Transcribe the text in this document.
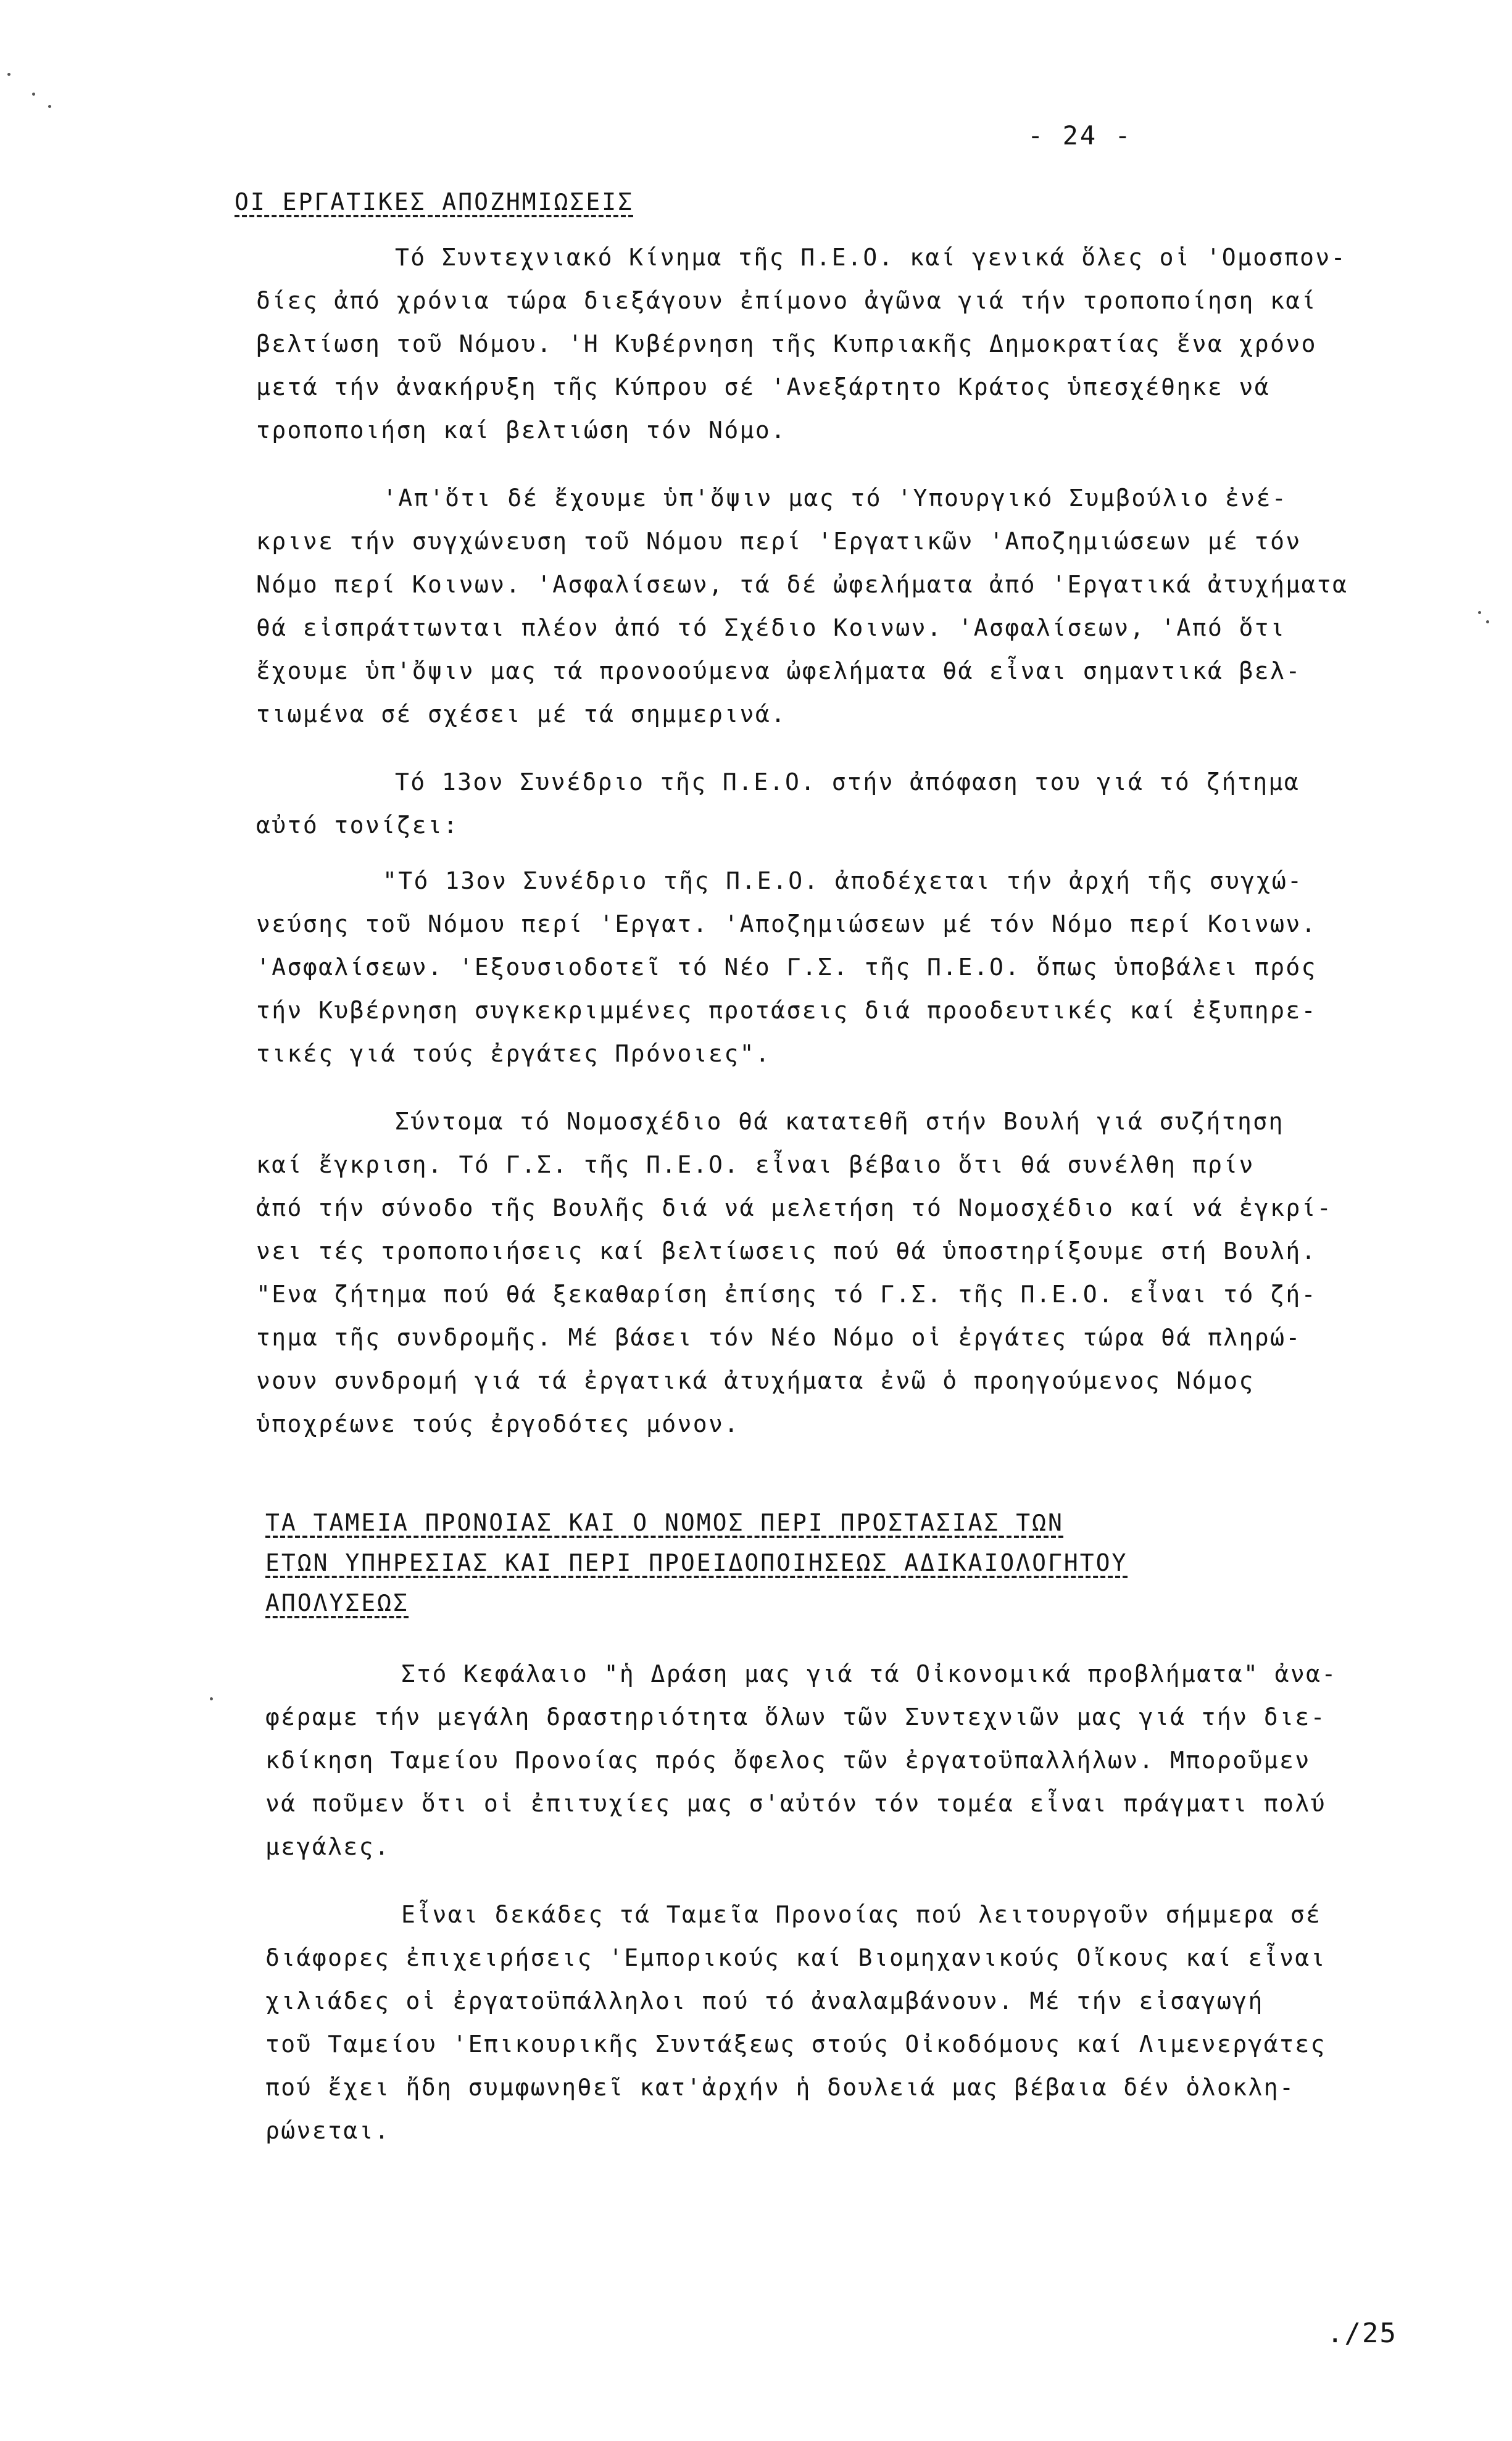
- 24 -
ΟΙ ΕΡΓΑΤΙΚΕΣ ΑΠΟΖΗΜΙΩΣΕΙΣ
Τό Συντεχνιακό Κίνημα τῆς Π.Ε.Ο. καί γενικά ὅλες οἱ 'Ομοσπον-
δίες ἀπό χρόνια τώρα διεξάγουν ἐπίμονο ἀγῶνα γιά τήν τροποποίηση καί
βελτίωση τοῦ Νόμου. 'Η Κυβέρνηση τῆς Κυπριακῆς Δημοκρατίας ἕνα χρόνο
μετά τήν ἀνακήρυξη τῆς Κύπρου σέ 'Ανεξάρτητο Κράτος ὑπεσχέθηκε νά
τροποποιήση καί βελτιώση τόν Νόμο.
'Απ'ὅτι δέ ἔχουμε ὑπ'ὄψιν μας τό 'Υπουργικό Συμβούλιο ἐνέ-
κρινε τήν συγχώνευση τοῦ Νόμου περί 'Εργατικῶν 'Αποζημιώσεων μέ τόν
Νόμο περί Κοινων. 'Ασφαλίσεων, τά δέ ὠφελήματα ἀπό 'Εργατικά ἀτυχήματα
θά εἰσπράττωνται πλέον ἀπό τό Σχέδιο Κοινων. 'Ασφαλίσεων, 'Από ὅτι
ἔχουμε ὑπ'ὄψιν μας τά προνοούμενα ὠφελήματα θά εἶναι σημαντικά βελ-
τιωμένα σέ σχέσει μέ τά σημμερινά.
Τό 13ον Συνέδριο τῆς Π.Ε.Ο. στήν ἀπόφαση του γιά τό ζήτημα
αὐτό τονίζει:
"Τό 13ον Συνέδριο τῆς Π.Ε.Ο. ἀποδέχεται τήν ἀρχή τῆς συγχώ-
νεύσης τοῦ Νόμου περί 'Εργατ. 'Αποζημιώσεων μέ τόν Νόμο περί Κοινων.
'Ασφαλίσεων. 'Εξουσιοδοτεῖ τό Νέο Γ.Σ. τῆς Π.Ε.Ο. ὅπως ὑποβάλει πρός
τήν Κυβέρνηση συγκεκριμμένες προτάσεις διά προοδευτικές καί ἐξυπηρε-
τικές γιά τούς ἐργάτες Πρόνοιες".
Σύντομα τό Νομοσχέδιο θά κατατεθῆ στήν Βουλή γιά συζήτηση
καί ἔγκριση. Τό Γ.Σ. τῆς Π.Ε.Ο. εἶναι βέβαιο ὅτι θά συνέλθη πρίν
ἀπό τήν σύνοδο τῆς Βουλῆς διά νά μελετήση τό Νομοσχέδιο καί νά ἐγκρί-
νει τές τροποποιήσεις καί βελτίωσεις πού θά ὑποστηρίξουμε στή Βουλή.
"Ενα ζήτημα πού θά ξεκαθαρίση ἐπίσης τό Γ.Σ. τῆς Π.Ε.Ο. εἶναι τό ζή-
τημα τῆς συνδρομῆς. Μέ βάσει τόν Νέο Νόμο οἱ ἐργάτες τώρα θά πληρώ-
νουν συνδρομή γιά τά ἐργατικά ἀτυχήματα ἐνῶ ὁ προηγούμενος Νόμος
ὑποχρέωνε τούς ἐργοδότες μόνον.
ΤΑ ΤΑΜΕΙΑ ΠΡΟΝΟΙΑΣ ΚΑΙ Ο ΝΟΜΟΣ ΠΕΡΙ ΠΡΟΣΤΑΣΙΑΣ ΤΩΝ
ΕΤΩΝ ΥΠΗΡΕΣΙΑΣ ΚΑΙ ΠΕΡΙ ΠΡΟΕΙΔΟΠΟΙΗΣΕΩΣ ΑΔΙΚΑΙΟΛΟΓΗΤΟΥ
ΑΠΟΛΥΣΕΩΣ
Στό Κεφάλαιο "ἡ Δράση μας γιά τά Οἰκονομικά προβλήματα" ἀνα-
φέραμε τήν μεγάλη δραστηριότητα ὅλων τῶν Συντεχνιῶν μας γιά τήν διε-
κδίκηση Ταμείου Προνοίας πρός ὄφελος τῶν ἐργατοϋπαλλήλων. Μποροῦμεν
νά ποῦμεν ὅτι οἱ ἐπιτυχίες μας σ'αὐτόν τόν τομέα εἶναι πράγματι πολύ
μεγάλες.
Εἶναι δεκάδες τά Ταμεῖα Προνοίας πού λειτουργοῦν σήμμερα σέ
διάφορες ἐπιχειρήσεις 'Εμπορικούς καί Βιομηχανικούς Οἴκους καί εἶναι
χιλιάδες οἱ ἐργατοϋπάλληλοι πού τό ἀναλαμβάνουν. Μέ τήν εἰσαγωγή
τοῦ Ταμείου 'Επικουρικῆς Συντάξεως στούς Οἰκοδόμους καί Λιμενεργάτες
πού ἔχει ἤδη συμφωνηθεῖ κατ'ἀρχήν ἡ δουλειά μας βέβαια δέν ὁλοκλη-
ρώνεται.
./25
